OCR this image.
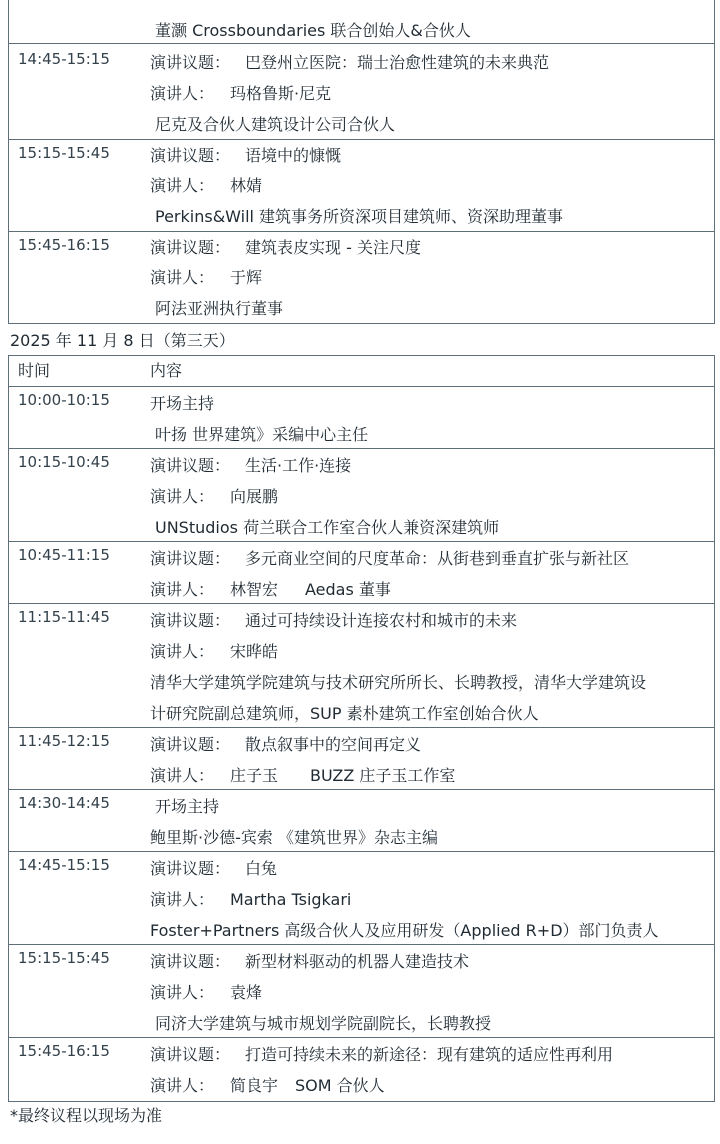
董灏 Crossboundaries 联合创始人&合伙人
14:45-15:15	演讲议题： 巴登州立医院：瑞士治愈性建筑的未来典范
演讲人： 玛格鲁斯·尼克
尼克及合伙人建筑设计公司合伙人
15:15-15:45	演讲议题： 语境中的慷慨
演讲人： 林婧
Perkins&Will 建筑事务所资深项目建筑师、资深助理董事
15:45-16:15	演讲议题： 建筑表皮实现 - 关注尺度
演讲人： 于辉
阿法亚洲执行董事
2025 年 11 月 8 日（第三天）
时间	内容
10:00-10:15	开场主持
叶扬 世界建筑》采编中心主任
10:15-10:45	演讲议题： 生活·工作·连接
演讲人： 向展鹏
UNStudios 荷兰联合工作室合伙人兼资深建筑师
10:45-11:15	演讲议题： 多元商业空间的尺度革命：从街巷到垂直扩张与新社区
演讲人： 林智宏 Aedas 董事
11:15-11:45	演讲议题： 通过可持续设计连接农村和城市的未来
演讲人： 宋晔皓
清华大学建筑学院建筑与技术研究所所长、长聘教授，清华大学建筑设
计研究院副总建筑师，SUP 素朴建筑工作室创始合伙人
11:45-12:15	演讲议题： 散点叙事中的空间再定义
演讲人： 庄子玉 BUZZ 庄子玉工作室
14:30-14:45	开场主持
鲍里斯·沙德-宾索 《建筑世界》杂志主编
14:45-15:15	演讲议题： 白兔
演讲人： Martha Tsigkari
Foster+Partners 高级合伙人及应用研发（Applied R+D）部门负责人
15:15-15:45	演讲议题： 新型材料驱动的机器人建造技术
演讲人： 袁烽
同济大学建筑与城市规划学院副院长，长聘教授
15:45-16:15	演讲议题： 打造可持续未来的新途径：现有建筑的适应性再利用
演讲人： 简良宇 SOM 合伙人
*最终议程以现场为准
